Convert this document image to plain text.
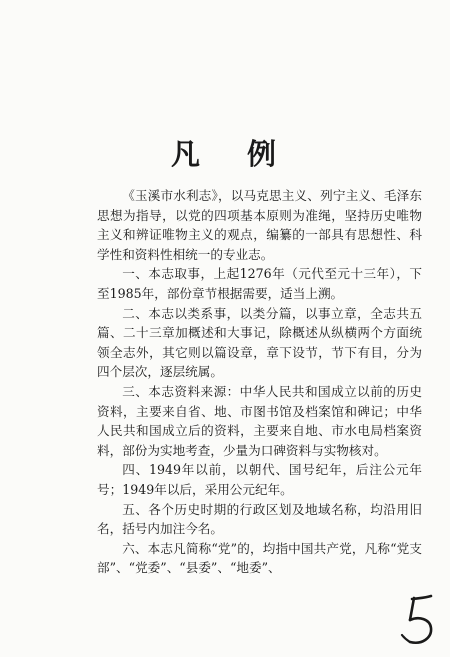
凡 例

《玉溪市水利志》，以马克思主义、列宁主义、毛泽东思想为指导，以党的四项基本原则为准绳，坚持历史唯物主义和辨证唯物主义的观点，编纂的一部具有思想性、科学性和资料性相统一的专业志。

一、本志取事，上起1276年（元代至元十三年），下至1985年，部份章节根据需要，适当上溯。

二、本志以类系事，以类分篇，以事立章，全志共五篇、二十三章加概述和大事记，除概述从纵横两个方面统领全志外，其它则以篇设章，章下设节，节下有目，分为四个层次，逐层统属。

三、本志资料来源：中华人民共和国成立以前的历史资料，主要来自省、地、市图书馆及档案馆和碑记；中华人民共和国成立后的资料，主要来自地、市水电局档案资料，部份为实地考查，少量为口碑资料与实物核对。

四、1949年以前，以朝代、国号纪年，后注公元年号；1949年以后，采用公元纪年。

五、各个历史时期的行政区划及地域名称，均沿用旧名，括号内加注今名。

六、本志凡简称“党”的，均指中国共产党，凡称“党支部”、“党委”、“县委”、“地委”、
